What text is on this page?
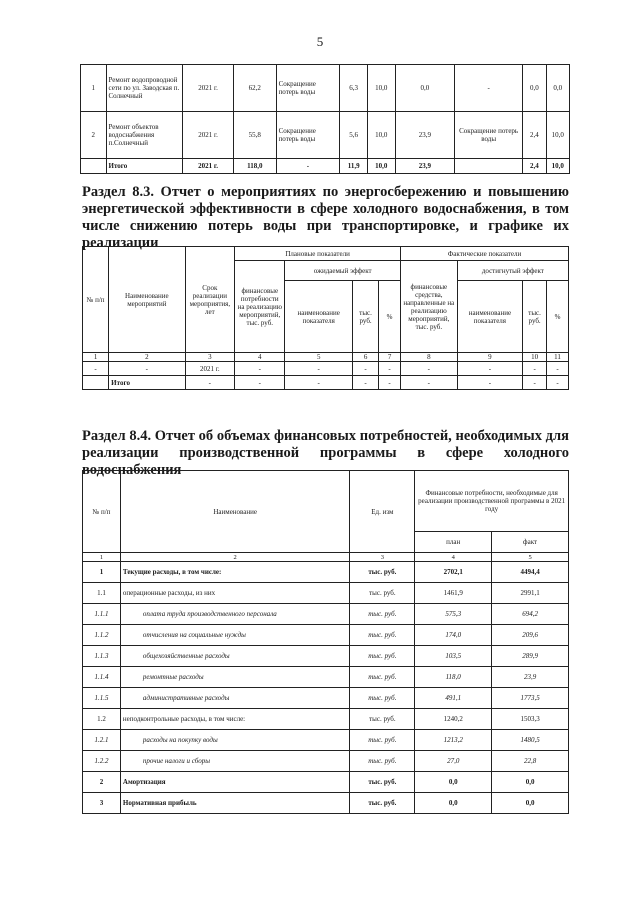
5
1	Ремонт водопроводной сети по ул. Заводская п. Солнечный	2021 г.	62,2	Сокращение потерь воды	6,3	10,0	0,0	-	0,0	0,0
2	Ремонт объектов водоснабжения п.Солнечный	2021 г.	55,8	Сокращение потерь воды	5,6	10,0	23,9	Сокращение потерь воды	2,4	10,0
	Итого	2021 г.	118,0	-	11,9	10,0	23,9		2,4	10,0
Раздел 8.3. Отчет о мероприятиях по энергосбережению и повышению энергетической эффективности в сфере холодного водоснабжения, в том числе снижению потерь воды при транспортировке, и графике их реализации
№ п/п	Наименование мероприятий	Срок реализации мероприятия, лет	Плановые показатели				Фактические показатели			
			финансовые потребности на реализацию мероприятий, тыс. руб.	ожидаемый эффект			финансовые средства, направленные на реализацию мероприятий, тыс. руб.	достигнутый эффект		
				наименование показателя	тыс. руб.	%		наименование показателя	тыс. руб.	%
1	2	3	4	5	6	7	8	9	10	11
-	-	2021 г.	-	-	-	-	-	-	-	-
	Итого	-	-	-	-	-	-	-	-	-
Раздел 8.4. Отчет об объемах финансовых потребностей, необходимых для реализации производственной программы в сфере холодного водоснабжения
№ п/п	Наименование	Ед. изм	Финансовые потребности, необходимые для реализации производственной программы в 2021 году	
			план	факт
1	2	3	4	5
1	Текущие расходы, в том числе:	тыс. руб.	2702,1	4494,4
1.1	операционные расходы, из них	тыс. руб.	1461,9	2991,1
1.1.1	оплата труда производственного персонала	тыс. руб.	575,3	694,2
1.1.2	отчисления на социальные нужды	тыс. руб.	174,0	209,6
1.1.3	общехозяйственные расходы	тыс. руб.	103,5	289,9
1.1.4	ремонтные расходы	тыс. руб.	118,0	23,9
1.1.5	административные расходы	тыс. руб.	491,1	1773,5
1.2	неподконтрольные расходы, в том числе:	тыс. руб.	1240,2	1503,3
1.2.1	расходы на покупку воды	тыс. руб.	1213,2	1480,5
1.2.2	прочие налоги и сборы	тыс. руб.	27,0	22,8
2	Амортизация	тыс. руб.	0,0	0,0
3	Нормативная прибыль	тыс. руб.	0,0	0,0
